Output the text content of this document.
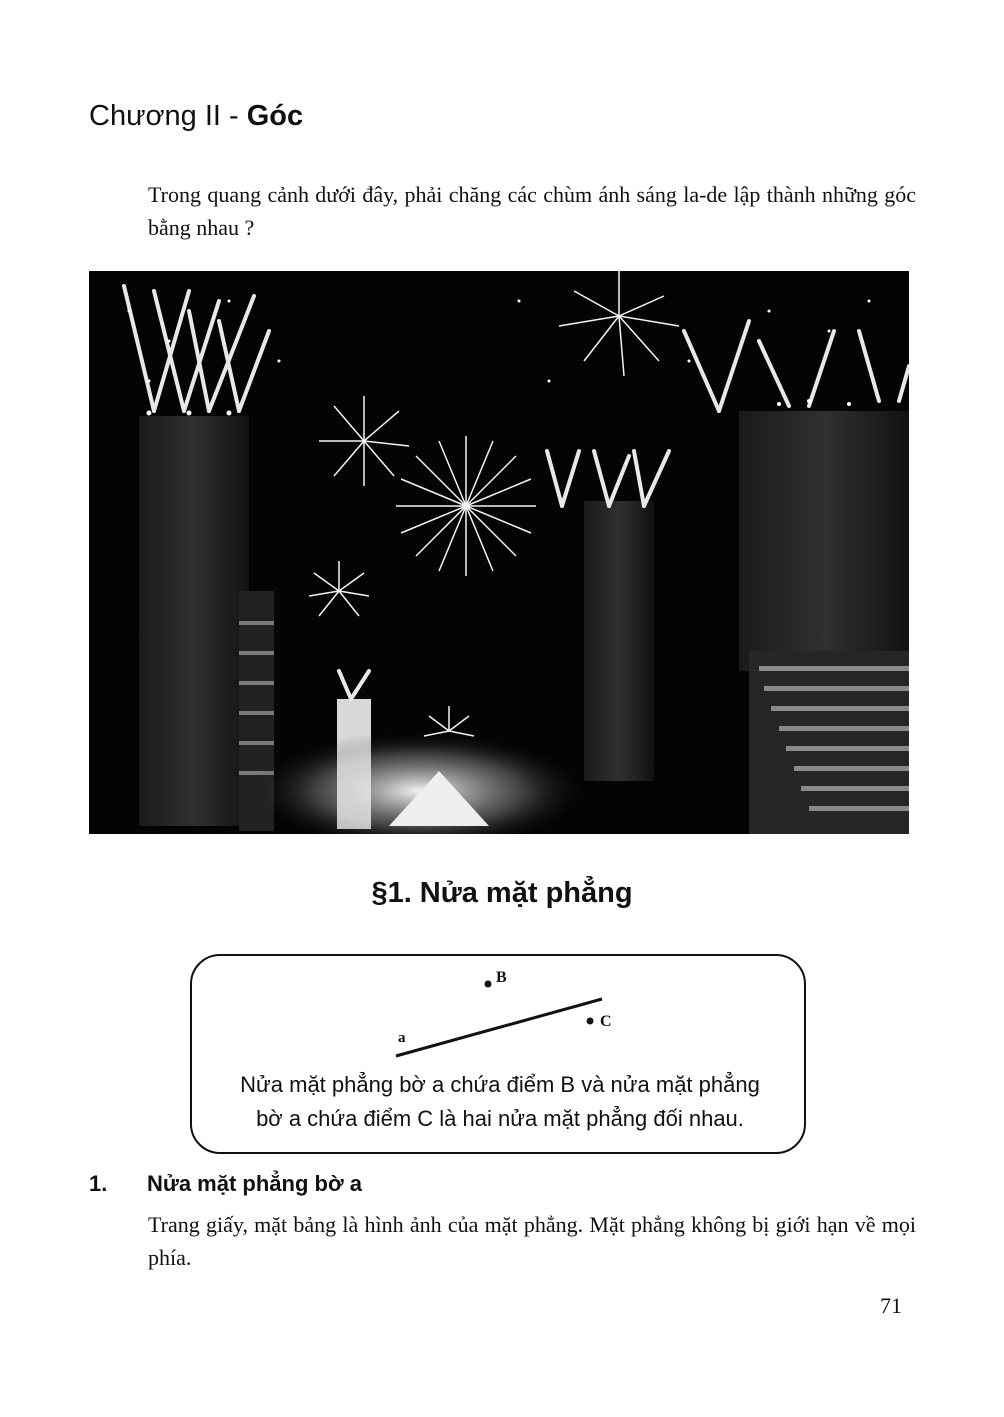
Chương II - Góc
Trong quang cảnh dưới đây, phải chăng các chùm ánh sáng la-de lập thành những góc bằng nhau ?
§1. Nửa mặt phẳng
a
B
C
Nửa mặt phẳng bờ a chứa điểm B và nửa mặt phẳng
bờ a chứa điểm C là hai nửa mặt phẳng đối nhau.
1. Nửa mặt phẳng bờ a
Trang giấy, mặt bảng là hình ảnh của mặt phẳng. Mặt phẳng không bị giới hạn về mọi phía.
71
